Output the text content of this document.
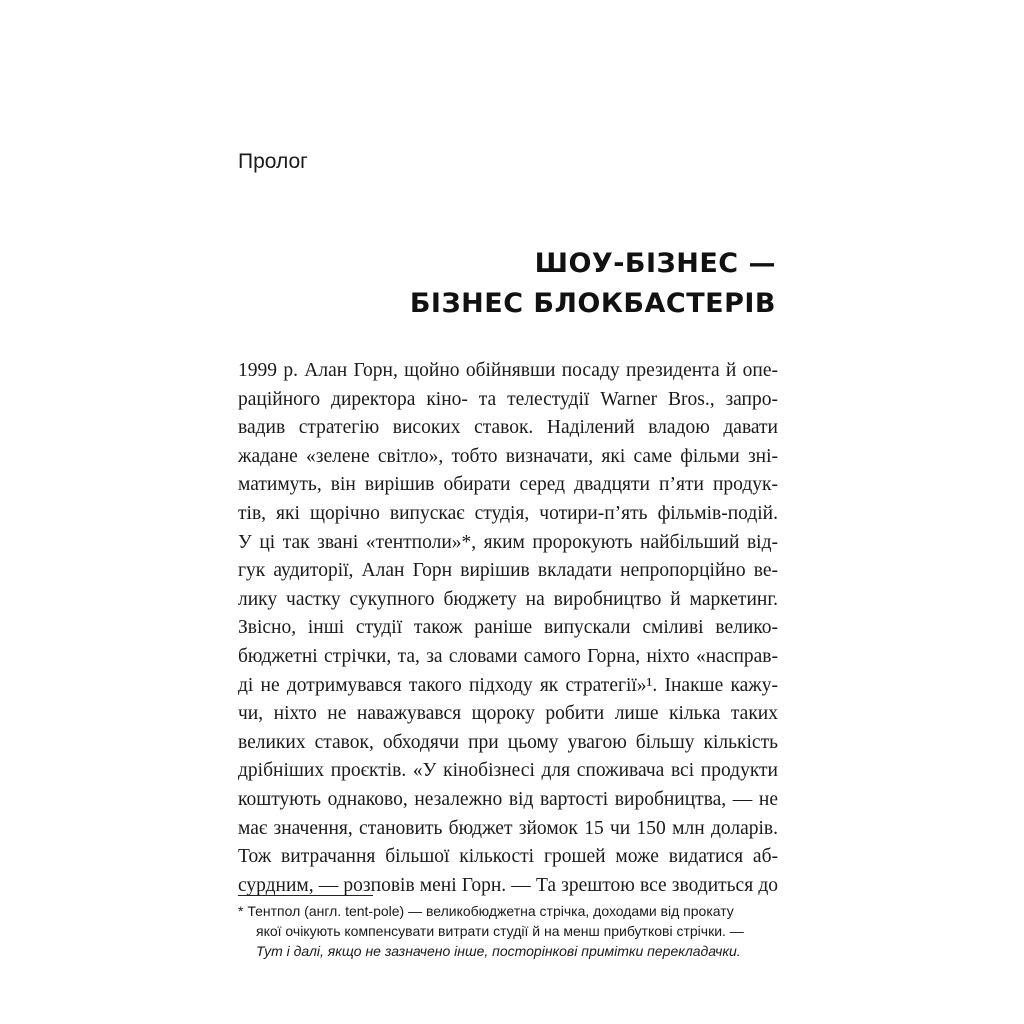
Пролог
ШОУ-БІЗНЕС —
БІЗНЕС БЛОКБАСТЕРІВ
1999 р. Алан Горн, щойно обійнявши посаду президента й опе-
раційного директора кіно- та телестудії Warner Bros., запро-
вадив стратегію високих ставок. Наділений владою давати
жадане «зелене світло», тобто визначати, які саме фільми зні-
матимуть, він вирішив обирати серед двадцяти п’яти продук-
тів, які щорічно випускає студія, чотири-п’ять фільмів-подій.
У ці так звані «тентполи»*, яким пророкують найбільший від-
гук аудиторії, Алан Горн вирішив вкладати непропорційно ве-
лику частку сукупного бюджету на виробництво й маркетинг.
Звісно, інші студії також раніше випускали сміливі велико-
бюджетні стрічки, та, за словами самого Горна, ніхто «насправ-
ді не дотримувався такого підходу як стратегії»¹. Інакше кажу-
чи, ніхто не наважувався щороку робити лише кілька таких
великих ставок, обходячи при цьому увагою більшу кількість
дрібніших проєктів. «У кінобізнесі для споживача всі продукти
коштують однаково, незалежно від вартості виробництва, — не
має значення, становить бюджет зйомок 15 чи 150 млн доларів.
Тож витрачання більшої кількості грошей може видатися аб-
сурдним, — розповів мені Горн. — Та зрештою все зводиться до
* Тентпол (англ. tent-pole) — великобюджетна стрічка, доходами від прокату
якої очікують компенсувати витрати студії й на менш прибуткові стрічки. —
Тут і далі, якщо не зазначено інше, посторінкові примітки перекладачки.
